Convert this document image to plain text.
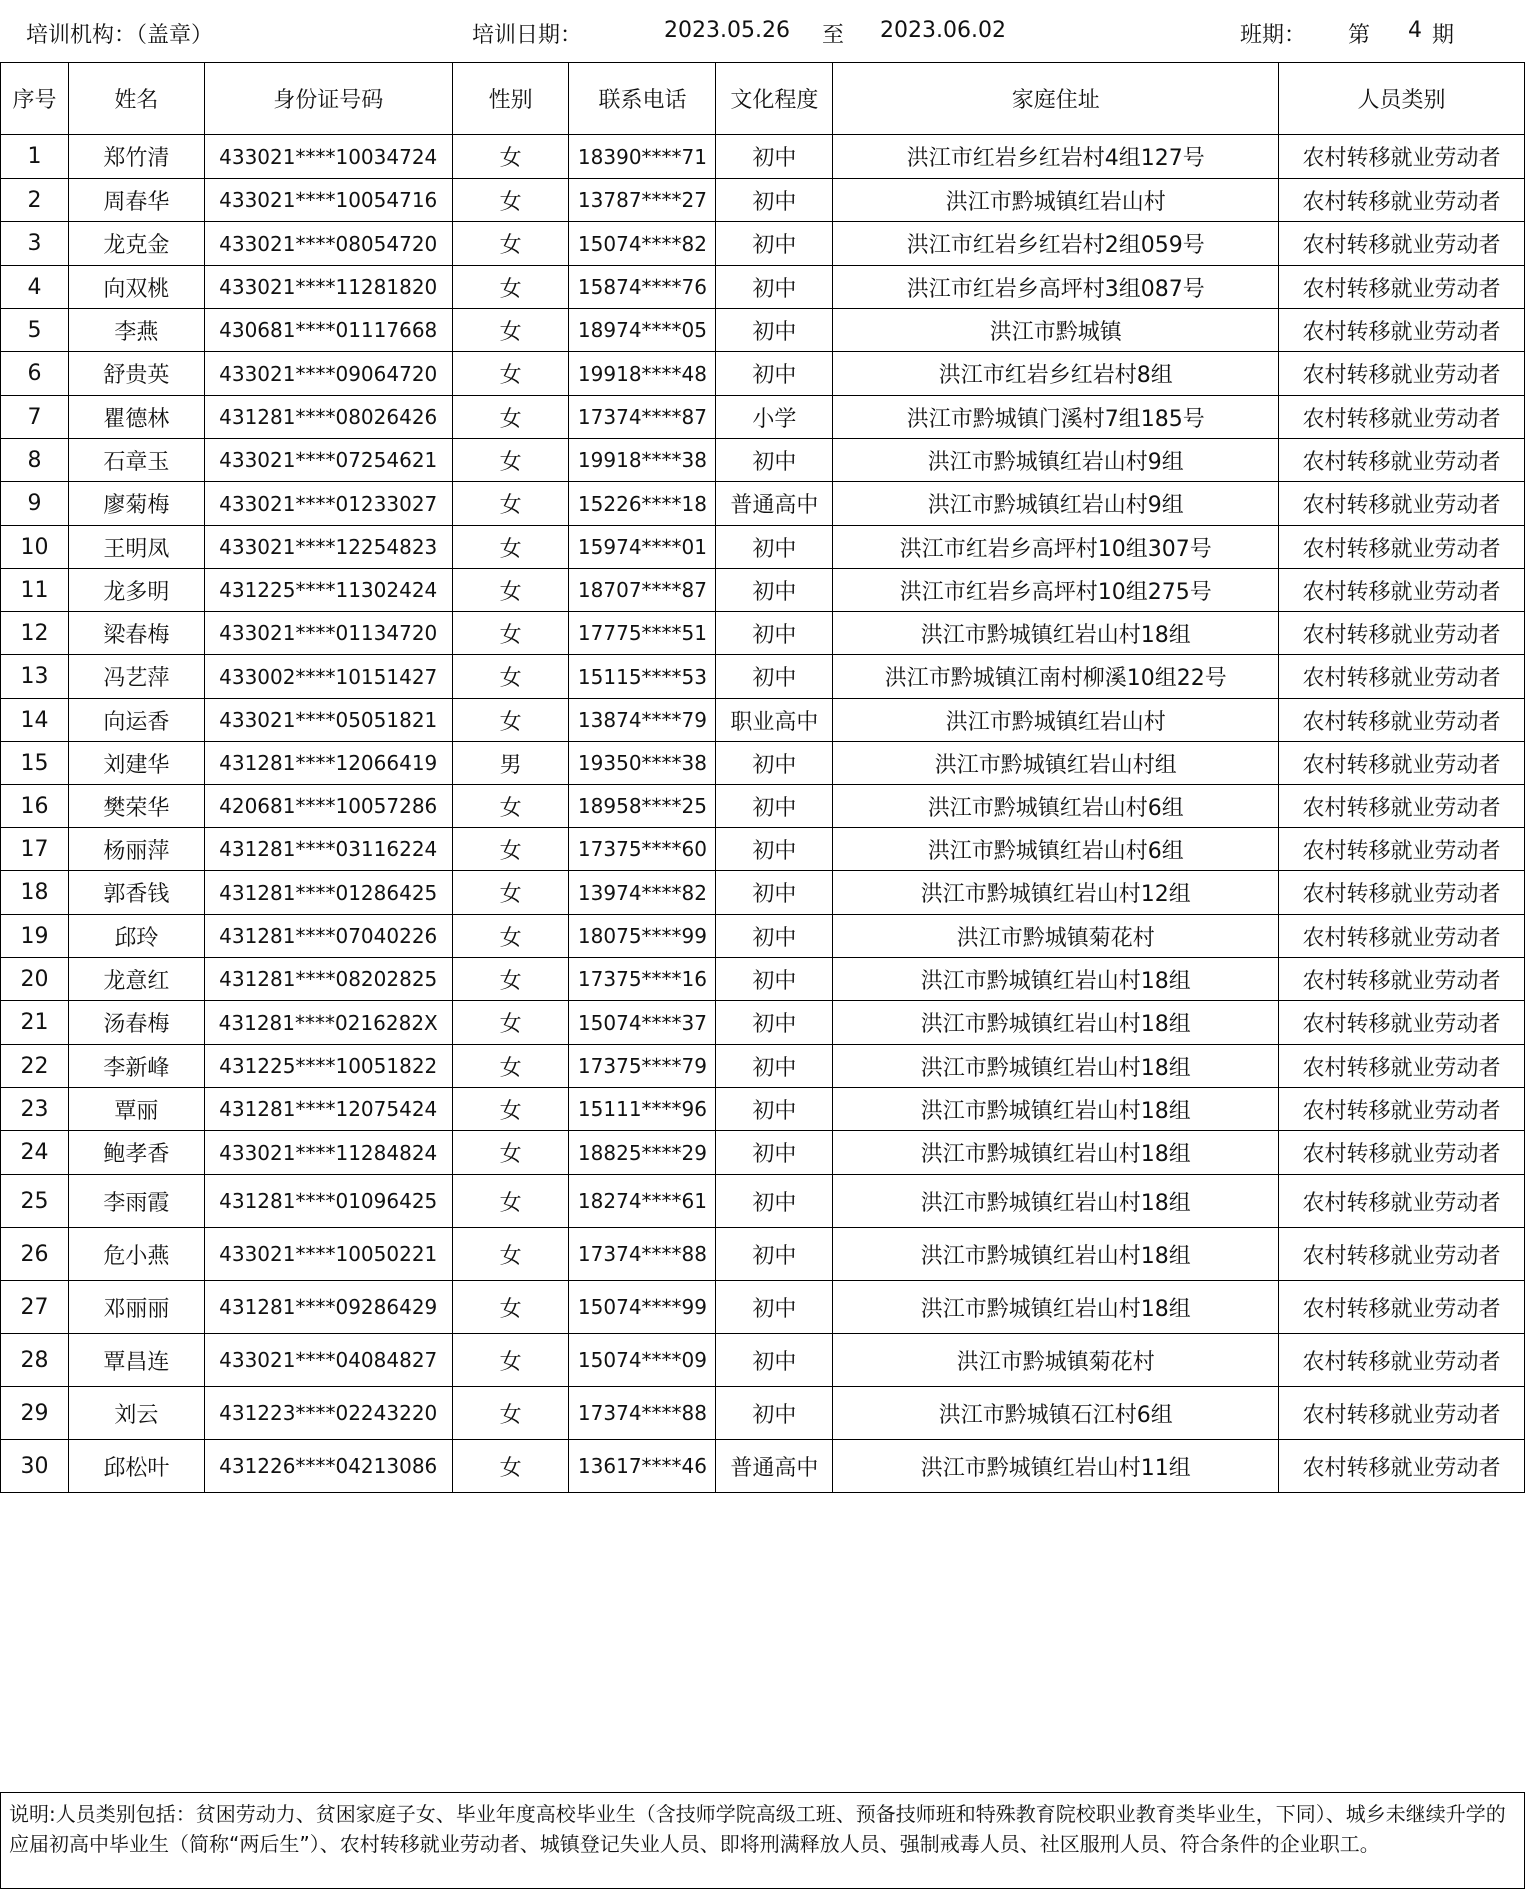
培训机构：（盖章）	培训日期：	2023.05.26 至 2023.06.02	班期： 第 4 期
序号	姓名	身份证号码	性别	联系电话	文化程度	家庭住址	人员类别
1	郑竹清	433021****10034724	女	18390****71	初中	洪江市红岩乡红岩村4组127号	农村转移就业劳动者
2	周春华	433021****10054716	女	13787****27	初中	洪江市黔城镇红岩山村	农村转移就业劳动者
3	龙克金	433021****08054720	女	15074****82	初中	洪江市红岩乡红岩村2组059号	农村转移就业劳动者
4	向双桃	433021****11281820	女	15874****76	初中	洪江市红岩乡高坪村3组087号	农村转移就业劳动者
5	李燕	430681****01117668	女	18974****05	初中	洪江市黔城镇	农村转移就业劳动者
6	舒贵英	433021****09064720	女	19918****48	初中	洪江市红岩乡红岩村8组	农村转移就业劳动者
7	瞿德林	431281****08026426	女	17374****87	小学	洪江市黔城镇门溪村7组185号	农村转移就业劳动者
8	石章玉	433021****07254621	女	19918****38	初中	洪江市黔城镇红岩山村9组	农村转移就业劳动者
9	廖菊梅	433021****01233027	女	15226****18	普通高中	洪江市黔城镇红岩山村9组	农村转移就业劳动者
10	王明凤	433021****12254823	女	15974****01	初中	洪江市红岩乡高坪村10组307号	农村转移就业劳动者
11	龙多明	431225****11302424	女	18707****87	初中	洪江市红岩乡高坪村10组275号	农村转移就业劳动者
12	梁春梅	433021****01134720	女	17775****51	初中	洪江市黔城镇红岩山村18组	农村转移就业劳动者
13	冯艺萍	433002****10151427	女	15115****53	初中	洪江市黔城镇江南村柳溪10组22号	农村转移就业劳动者
14	向运香	433021****05051821	女	13874****79	职业高中	洪江市黔城镇红岩山村	农村转移就业劳动者
15	刘建华	431281****12066419	男	19350****38	初中	洪江市黔城镇红岩山村组	农村转移就业劳动者
16	樊荣华	420681****10057286	女	18958****25	初中	洪江市黔城镇红岩山村6组	农村转移就业劳动者
17	杨丽萍	431281****03116224	女	17375****60	初中	洪江市黔城镇红岩山村6组	农村转移就业劳动者
18	郭香钱	431281****01286425	女	13974****82	初中	洪江市黔城镇红岩山村12组	农村转移就业劳动者
19	邱玲	431281****07040226	女	18075****99	初中	洪江市黔城镇菊花村	农村转移就业劳动者
20	龙意红	431281****08202825	女	17375****16	初中	洪江市黔城镇红岩山村18组	农村转移就业劳动者
21	汤春梅	431281****0216282X	女	15074****37	初中	洪江市黔城镇红岩山村18组	农村转移就业劳动者
22	李新峰	431225****10051822	女	17375****79	初中	洪江市黔城镇红岩山村18组	农村转移就业劳动者
23	覃丽	431281****12075424	女	15111****96	初中	洪江市黔城镇红岩山村18组	农村转移就业劳动者
24	鲍孝香	433021****11284824	女	18825****29	初中	洪江市黔城镇红岩山村18组	农村转移就业劳动者
25	李雨霞	431281****01096425	女	18274****61	初中	洪江市黔城镇红岩山村18组	农村转移就业劳动者
26	危小燕	433021****10050221	女	17374****88	初中	洪江市黔城镇红岩山村18组	农村转移就业劳动者
27	邓丽丽	431281****09286429	女	15074****99	初中	洪江市黔城镇红岩山村18组	农村转移就业劳动者
28	覃昌连	433021****04084827	女	15074****09	初中	洪江市黔城镇菊花村	农村转移就业劳动者
29	刘云	431223****02243220	女	17374****88	初中	洪江市黔城镇石江村6组	农村转移就业劳动者
30	邱松叶	431226****04213086	女	13617****46	普通高中	洪江市黔城镇红岩山村11组	农村转移就业劳动者
说明:人员类别包括：贫困劳动力、贫困家庭子女、毕业年度高校毕业生（含技师学院高级工班、预备技师班和特殊教育院校职业教育类毕业生，下同）、城乡未继续升学的应届初高中毕业生（简称“两后生”）、农村转移就业劳动者、城镇登记失业人员、即将刑满释放人员、强制戒毒人员、社区服刑人员、符合条件的企业职工。
